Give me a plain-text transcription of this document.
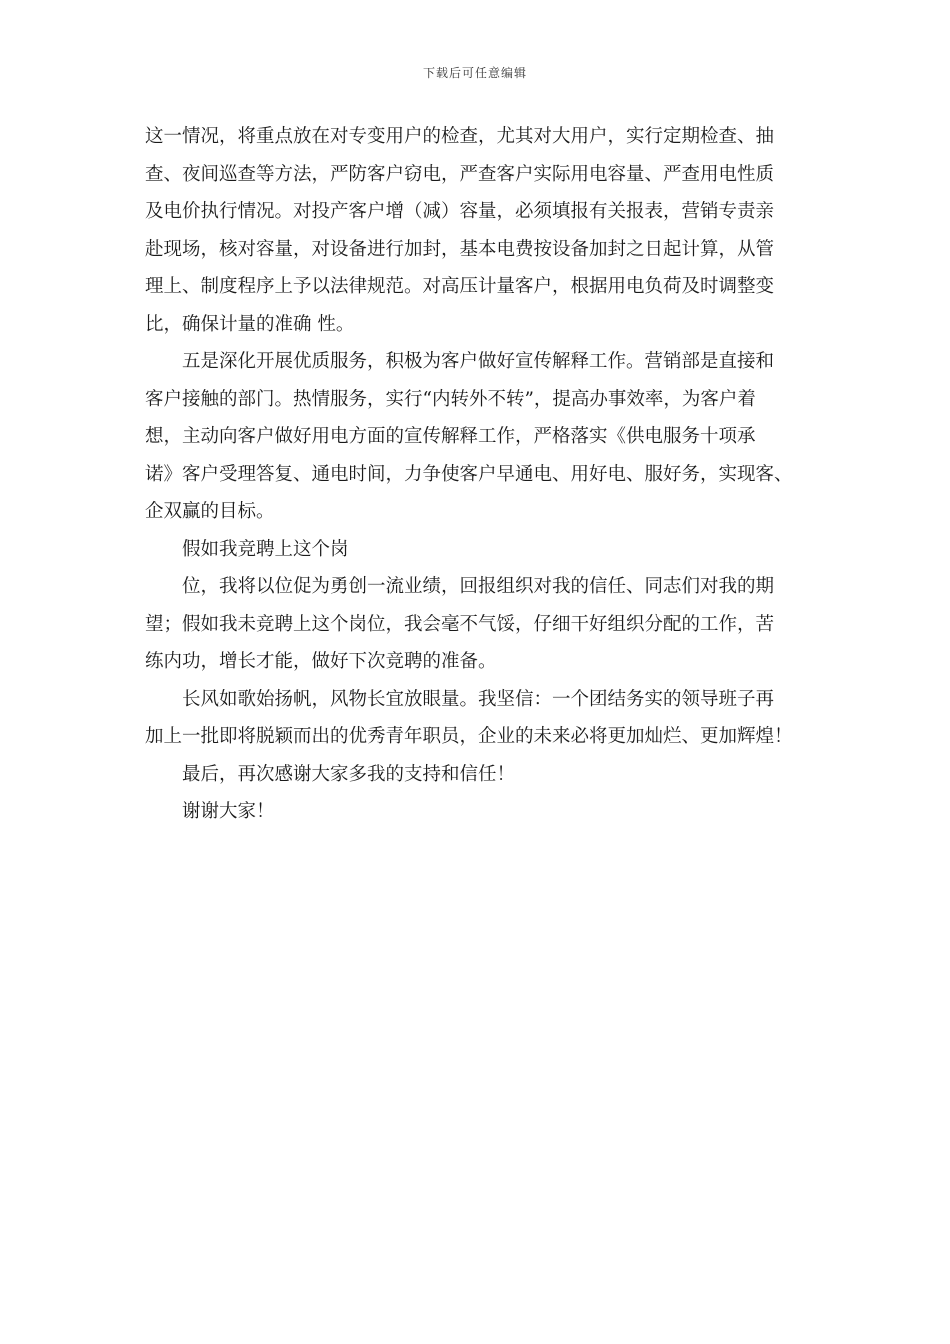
下载后可任意编辑
这一情况，将重点放在对专变用户的检查，尤其对大用户，实行定期检查、抽
查、夜间巡查等方法，严防客户窃电，严查客户实际用电容量、严查用电性质
及电价执行情况。对投产客户增（减）容量，必须填报有关报表，营销专责亲
赴现场，核对容量，对设备进行加封，基本电费按设备加封之日起计算，从管
理上、制度程序上予以法律规范。对高压计量客户，根据用电负荷及时调整变
比，确保计量的准确 性。
五是深化开展优质服务，积极为客户做好宣传解释工作。营销部是直接和
客户接触的部门。热情服务，实行“内转外不转”，提高办事效率，为客户着
想，主动向客户做好用电方面的宣传解释工作，严格落实《供电服务十项承
诺》客户受理答复、通电时间，力争使客户早通电、用好电、服好务，实现客、
企双赢的目标。
假如我竞聘上这个岗
位，我将以位促为勇创一流业绩，回报组织对我的信任、同志们对我的期
望；假如我未竞聘上这个岗位，我会毫不气馁，仔细干好组织分配的工作，苦
练内功，增长才能，做好下次竞聘的准备。
长风如歌始扬帆，风物长宜放眼量。我坚信：一个团结务实的领导班子再
加上一批即将脱颖而出的优秀青年职员，企业的未来必将更加灿烂、更加辉煌！
最后，再次感谢大家多我的支持和信任！
谢谢大家！
